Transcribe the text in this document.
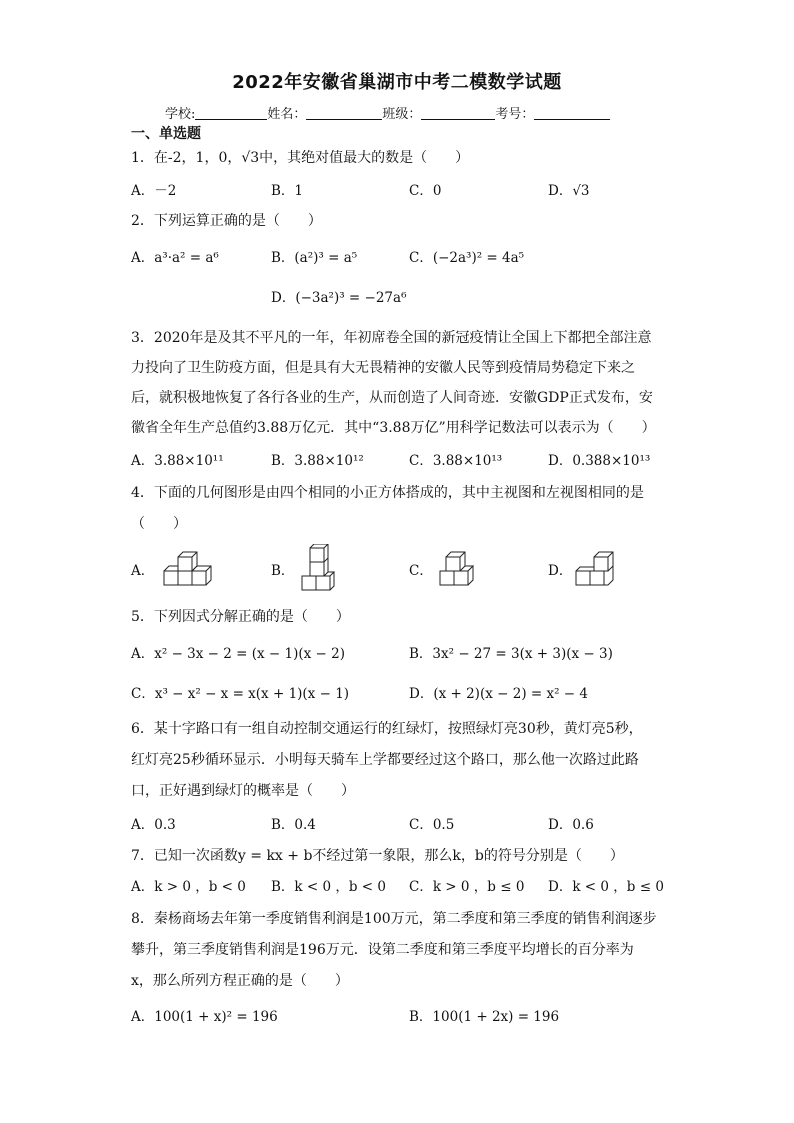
2022年安徽省巢湖市中考二模数学试题
学校:	姓名：	班级：	考号：
一、单选题
1．在-2，1，0，√3中，其绝对值最大的数是（　　）
A．－2	B．1	C．0	D．√3
2．下列运算正确的是（　　）
A．a³·a² = a⁶	B．(a²)³ = a⁵	C．(−2a³)² = 4a⁵
D．(−3a²)³ = −27a⁶
3．2020年是及其不平凡的一年，年初席卷全国的新冠疫情让全国上下都把全部注意
力投向了卫生防疫方面，但是具有大无畏精神的安徽人民等到疫情局势稳定下来之
后，就积极地恢复了各行各业的生产，从而创造了人间奇迹．安徽GDP正式发布，安
徽省全年生产总值约3.88万亿元．其中“3.88万亿”用科学记数法可以表示为（　　）
A．3.88×10¹¹	B．3.88×10¹²	C．3.88×10¹³	D．0.388×10¹³
4．下面的几何图形是由四个相同的小正方体搭成的，其中主视图和左视图相同的是
（　　）
A．	B．	C．	D．
5．下列因式分解正确的是（　　）
A．x² − 3x − 2 = (x − 1)(x − 2)	B．3x² − 27 = 3(x + 3)(x − 3)
C．x³ − x² − x = x(x + 1)(x − 1)	D．(x + 2)(x − 2) = x² − 4
6．某十字路口有一组自动控制交通运行的红绿灯，按照绿灯亮30秒，黄灯亮5秒，
红灯亮25秒循环显示．小明每天骑车上学都要经过这个路口，那么他一次路过此路
口，正好遇到绿灯的概率是（　　）
A．0.3	B．0.4	C．0.5	D．0.6
7．已知一次函数y = kx + b不经过第一象限，那么k，b的符号分别是（　　）
A．k > 0 ，b < 0 B．k < 0 ，b < 0 C．k > 0 ，b ≤ 0 D．k < 0 ，b ≤ 0
8．秦杨商场去年第一季度销售利润是100万元，第二季度和第三季度的销售利润逐步
攀升，第三季度销售利润是196万元．设第二季度和第三季度平均增长的百分率为
x，那么所列方程正确的是（　　）
A．100(1 + x)² = 196	B．100(1 + 2x) = 196
